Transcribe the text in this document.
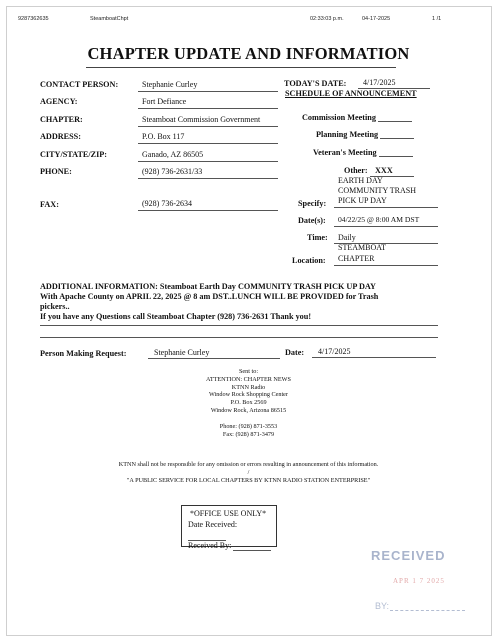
9287362635	SteamboatChpt	02:33:03 p.m.	04-17-2025	1 /1
CHAPTER UPDATE AND INFORMATION
CONTACT PERSON:	Stephanie Curley
AGENCY:	Fort Defiance
CHAPTER:	Steamboat Commission Government
ADDRESS:	P.O. Box 117
CITY/STATE/ZIP:	Ganado, AZ 86505
PHONE:	(928) 736-2631/33
FAX:	(928) 736-2634
TODAY'S DATE: 4/17/2025
SCHEDULE OF ANNOUNCEMENT
Commission Meeting
Planning Meeting
Veteran's Meeting
Other: XXX
EARTH DAY
COMMUNITY TRASH
Specify: PICK UP DAY
Date(s): 04/22/25 @ 8:00 AM DST
Time: Daily
STEAMBOAT
Location: CHAPTER
ADDITIONAL INFORMATION: Steamboat Earth Day COMMUNITY TRASH PICK UP DAY
With Apache County on APRIL 22, 2025 @ 8 am DST..LUNCH WILL BE PROVIDED for Trash
pickers..
If you have any Questions call Steamboat Chapter (928) 736-2631 Thank you!
Person Making Request:	Stephanie Curley	Date: 4/17/2025
Sent to:
ATTENTION: CHAPTER NEWS
KTNN Radio
Window Rock Shopping Center
P.O. Box 2569
Window Rock, Arizona 86515
Phone: (928) 871-3553
Fax: (928) 871-3479
KTNN shall not be responsible for any omission or errors resulting in announcement of this information.
/
"A PUBLIC SERVICE FOR LOCAL CHAPTERS BY KTNN RADIO STATION ENTERPRISE"
*OFFICE USE ONLY*
Date Received:
Received By:
RECEIVED
APR 1 7 2025
BY:
